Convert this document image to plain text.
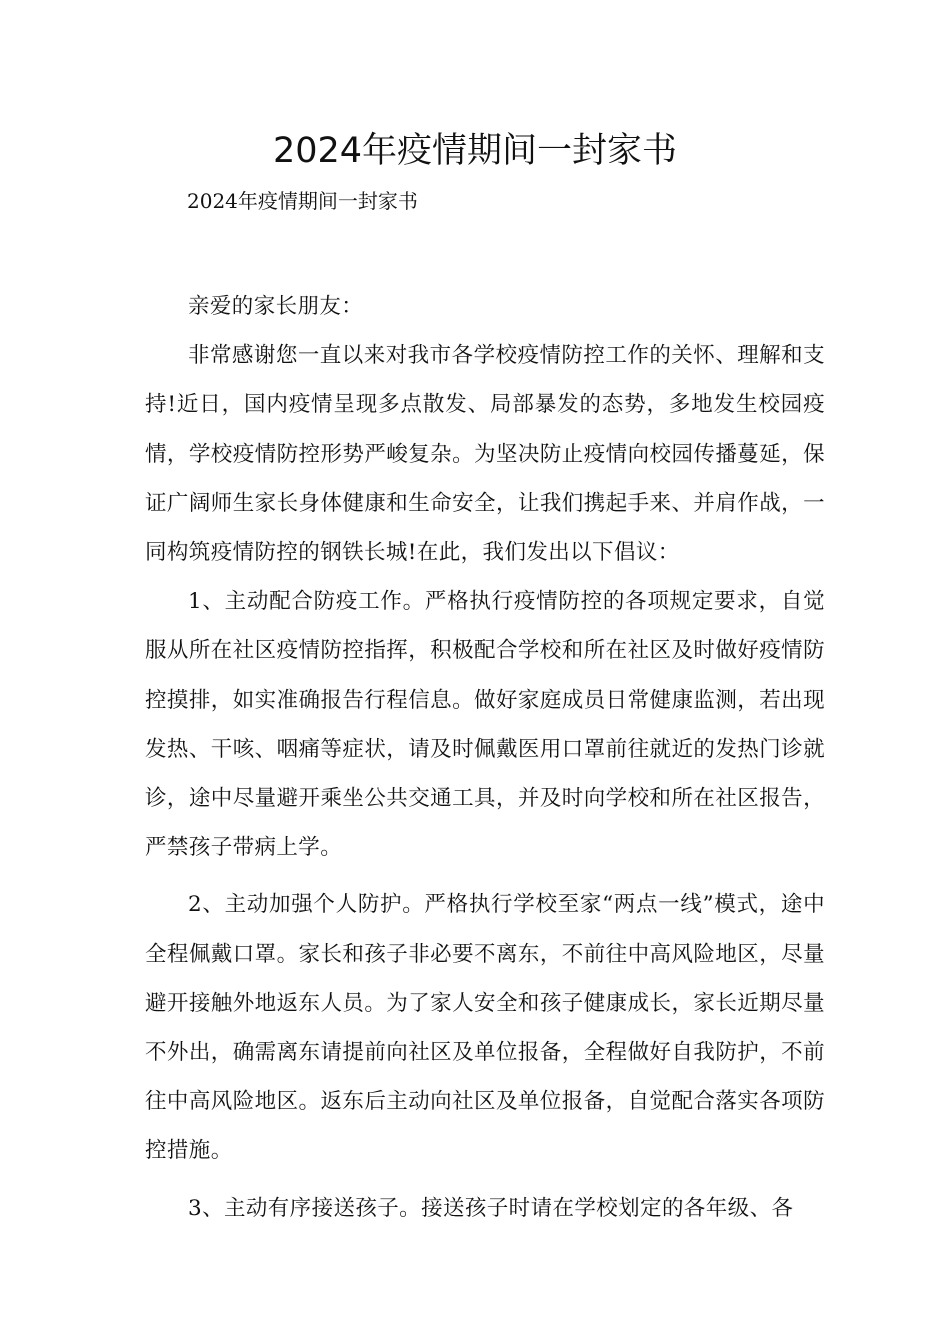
2024年疫情期间一封家书
2024年疫情期间一封家书

亲爱的家长朋友：

非常感谢您一直以来对我市各学校疫情防控工作的关怀、理解和支持!近日，国内疫情呈现多点散发、局部暴发的态势，多地发生校园疫情，学校疫情防控形势严峻复杂。为坚决防止疫情向校园传播蔓延，保证广阔师生家长身体健康和生命安全，让我们携起手来、并肩作战，一同构筑疫情防控的钢铁长城!在此，我们发出以下倡议：

1、主动配合防疫工作。严格执行疫情防控的各项规定要求，自觉服从所在社区疫情防控指挥，积极配合学校和所在社区及时做好疫情防控摸排，如实准确报告行程信息。做好家庭成员日常健康监测，若出现发热、干咳、咽痛等症状，请及时佩戴医用口罩前往就近的发热门诊就诊，途中尽量避开乘坐公共交通工具，并及时向学校和所在社区报告，严禁孩子带病上学。

2、主动加强个人防护。严格执行学校至家“两点一线”模式，途中全程佩戴口罩。家长和孩子非必要不离东，不前往中高风险地区，尽量避开接触外地返东人员。为了家人安全和孩子健康成长，家长近期尽量不外出，确需离东请提前向社区及单位报备，全程做好自我防护，不前往中高风险地区。返东后主动向社区及单位报备，自觉配合落实各项防控措施。

3、主动有序接送孩子。接送孩子时请在学校划定的各年级、各
